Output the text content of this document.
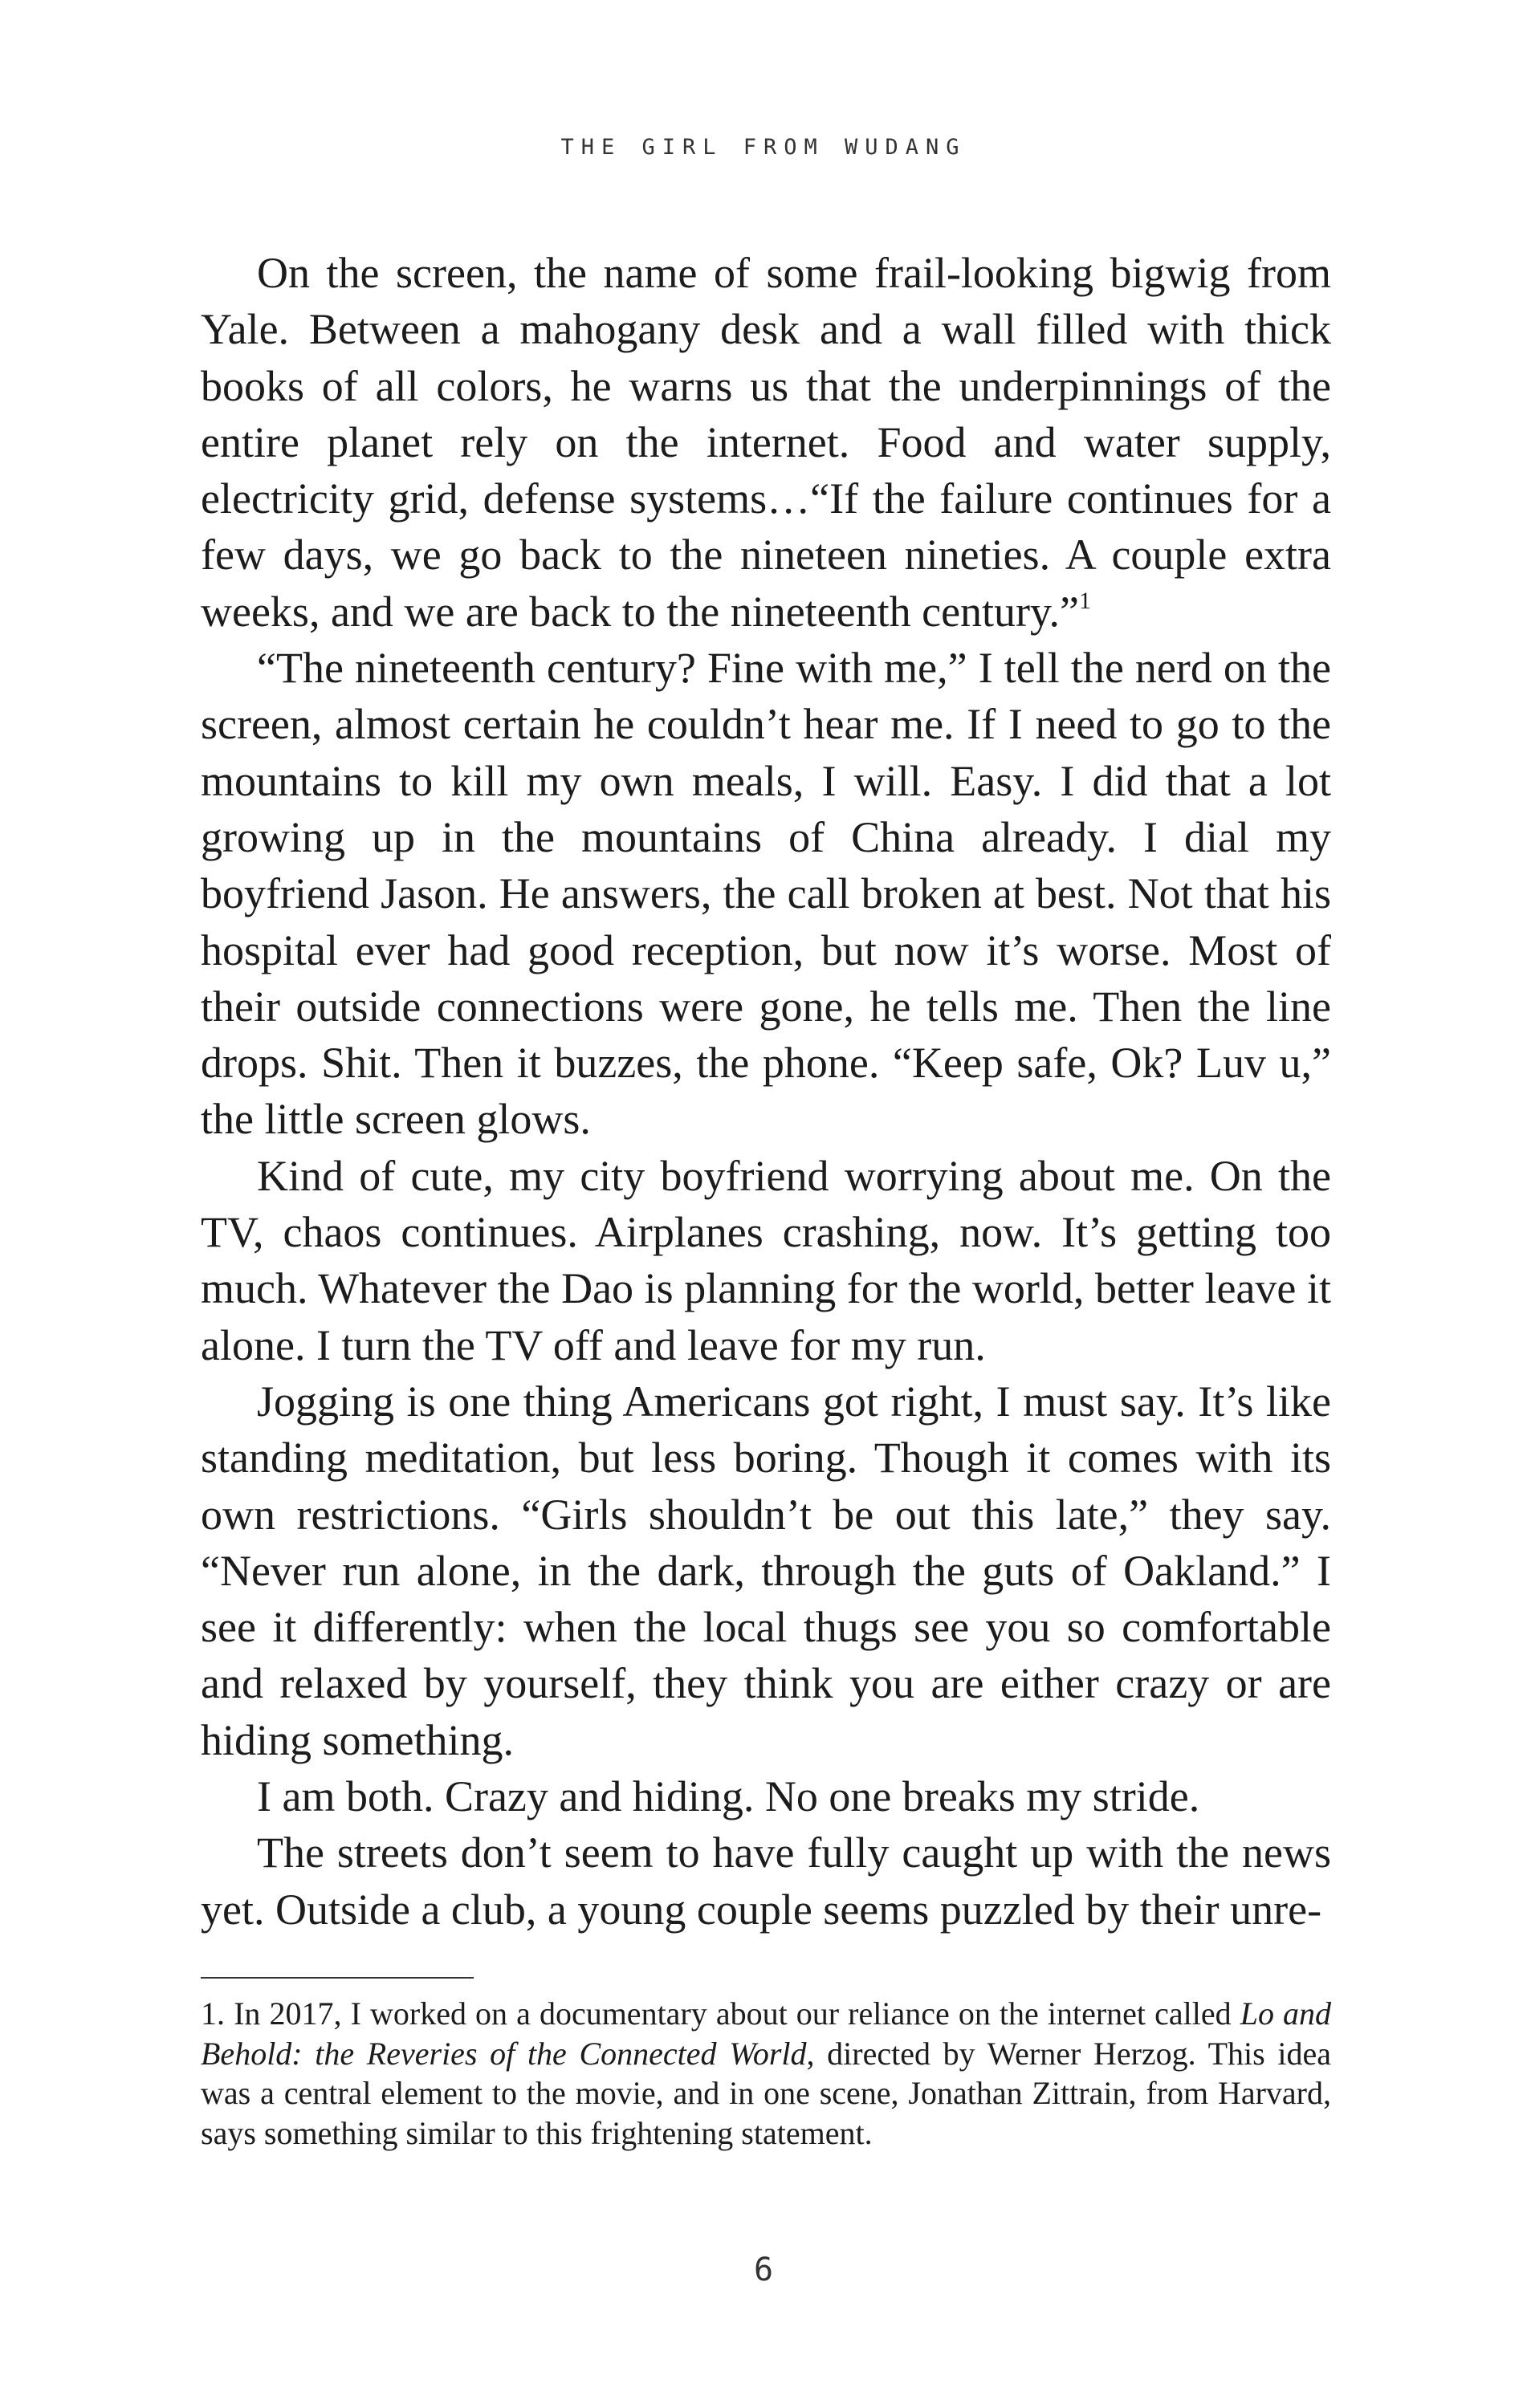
THE GIRL FROM WUDANG

On the screen, the name of some frail-looking bigwig from Yale. Between a mahogany desk and a wall filled with thick books of all colors, he warns us that the underpinnings of the entire planet rely on the internet. Food and water supply, electricity grid, defense systems…“If the failure continues for a few days, we go back to the nineteen nineties. A couple extra weeks, and we are back to the nineteenth century.”$^1$

“The nineteenth century? Fine with me,” I tell the nerd on the screen, almost certain he couldn’t hear me. If I need to go to the mountains to kill my own meals, I will. Easy. I did that a lot growing up in the mountains of China already. I dial my boyfriend Jason. He answers, the call broken at best. Not that his hospital ever had good reception, but now it’s worse. Most of their outside connections were gone, he tells me. Then the line drops. Shit. Then it buzzes, the phone. “Keep safe, Ok? Luv u,” the little screen glows.

Kind of cute, my city boyfriend worrying about me. On the TV, chaos continues. Airplanes crashing, now. It’s getting too much. Whatever the Dao is planning for the world, better leave it alone. I turn the TV off and leave for my run.

Jogging is one thing Americans got right, I must say. It’s like standing meditation, but less boring. Though it comes with its own restrictions. “Girls shouldn’t be out this late,” they say. “Never run alone, in the dark, through the guts of Oakland.” I see it differently: when the local thugs see you so comfortable and relaxed by yourself, they think you are either crazy or are hiding something.

I am both. Crazy and hiding. No one breaks my stride.

The streets don’t seem to have fully caught up with the news yet. Outside a club, a young couple seems puzzled by their unre-

1. In 2017, I worked on a documentary about our reliance on the internet called Lo and Behold: the Reveries of the Connected World, directed by Werner Herzog. This idea was a central element to the movie, and in one scene, Jonathan Zittrain, from Harvard, says something similar to this frightening statement.

6
